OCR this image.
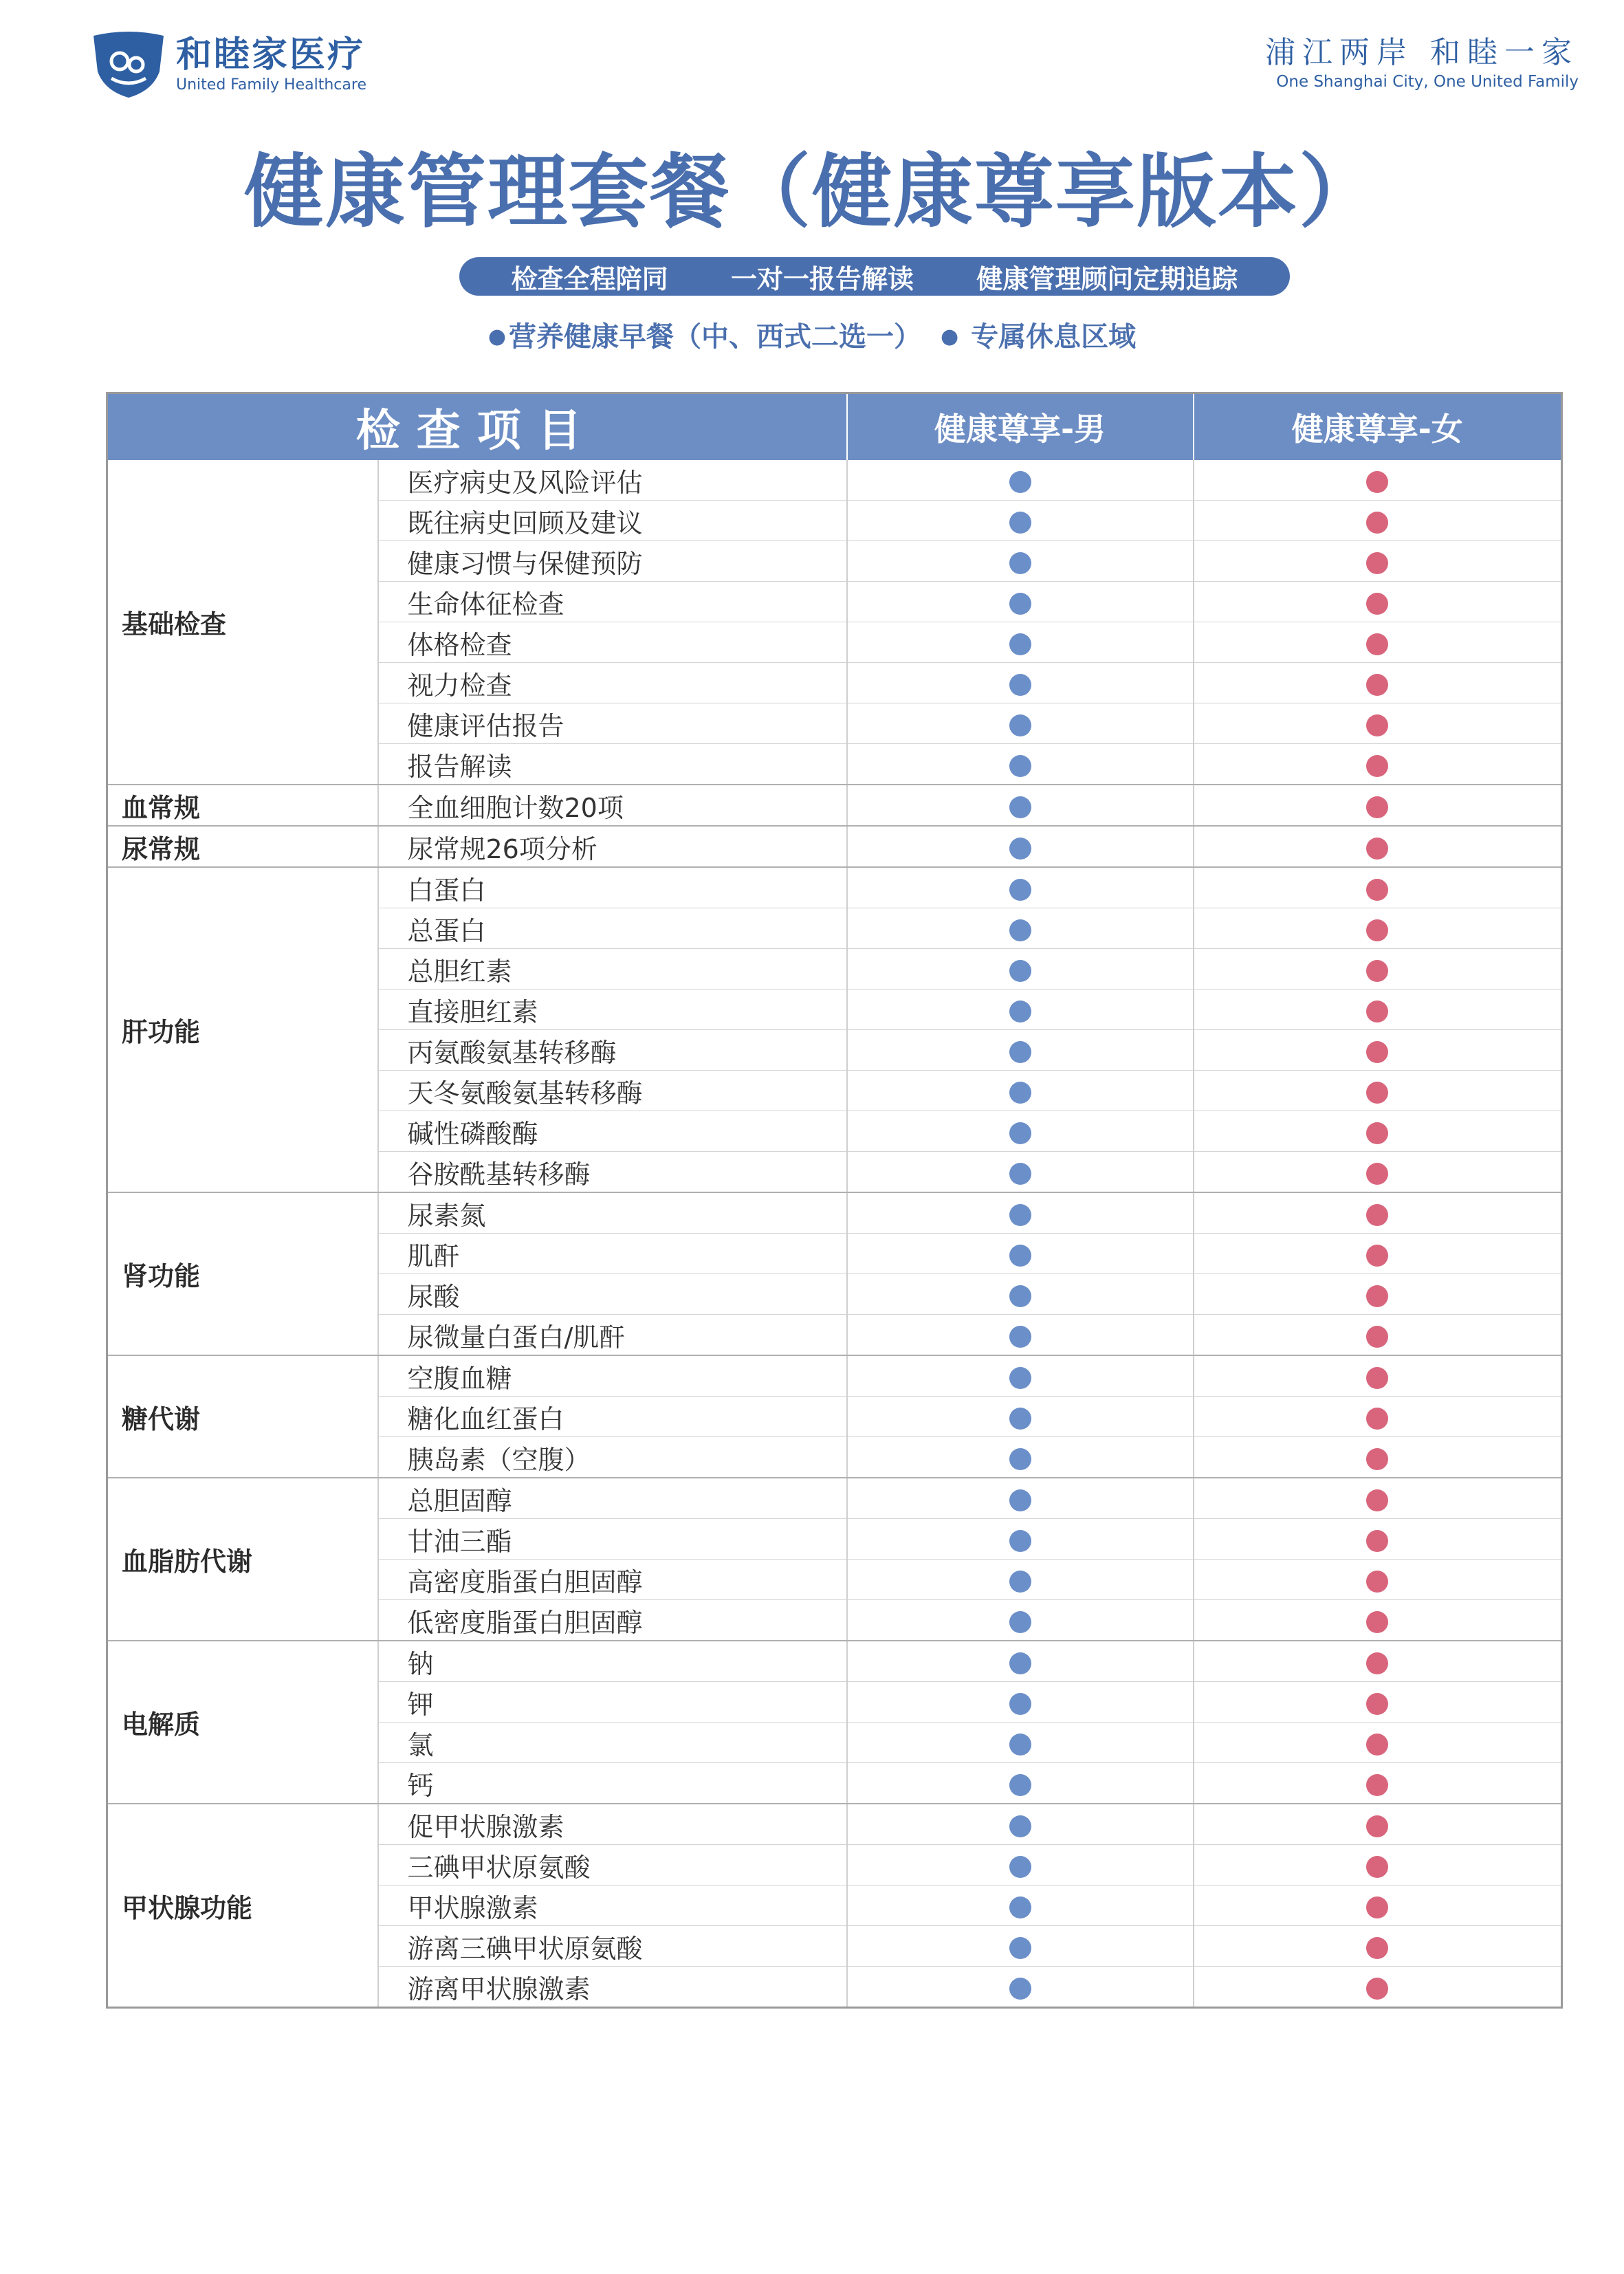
和睦家医疗
United Family Healthcare
浦江两岸 和睦一家
One Shanghai City, One United Family
健康管理套餐（健康尊享版本）
检查全程陪同 一对一报告解读 健康管理顾问定期追踪
● 营养健康早餐（中、西式二选一） ● 专属休息区域
检查项目		健康尊享-男	健康尊享-女
基础检查	医疗病史及风险评估		
	既往病史回顾及建议		
	健康习惯与保健预防		
	生命体征检查		
	体格检查		
	视力检查		
	健康评估报告		
	报告解读		
血常规	全血细胞计数20项		
尿常规	尿常规26项分析		
肝功能	白蛋白		
	总蛋白		
	总胆红素		
	直接胆红素		
	丙氨酸氨基转移酶		
	天冬氨酸氨基转移酶		
	碱性磷酸酶		
	谷胺酰基转移酶		
肾功能	尿素氮		
	肌酐		
	尿酸		
	尿微量白蛋白/肌酐		
糖代谢	空腹血糖		
	糖化血红蛋白		
	胰岛素（空腹）		
血脂肪代谢	总胆固醇		
	甘油三酯		
	高密度脂蛋白胆固醇		
	低密度脂蛋白胆固醇		
电解质	钠		
	钾		
	氯		
	钙		
甲状腺功能	促甲状腺激素		
	三碘甲状原氨酸		
	甲状腺激素		
	游离三碘甲状原氨酸		
	游离甲状腺激素		
